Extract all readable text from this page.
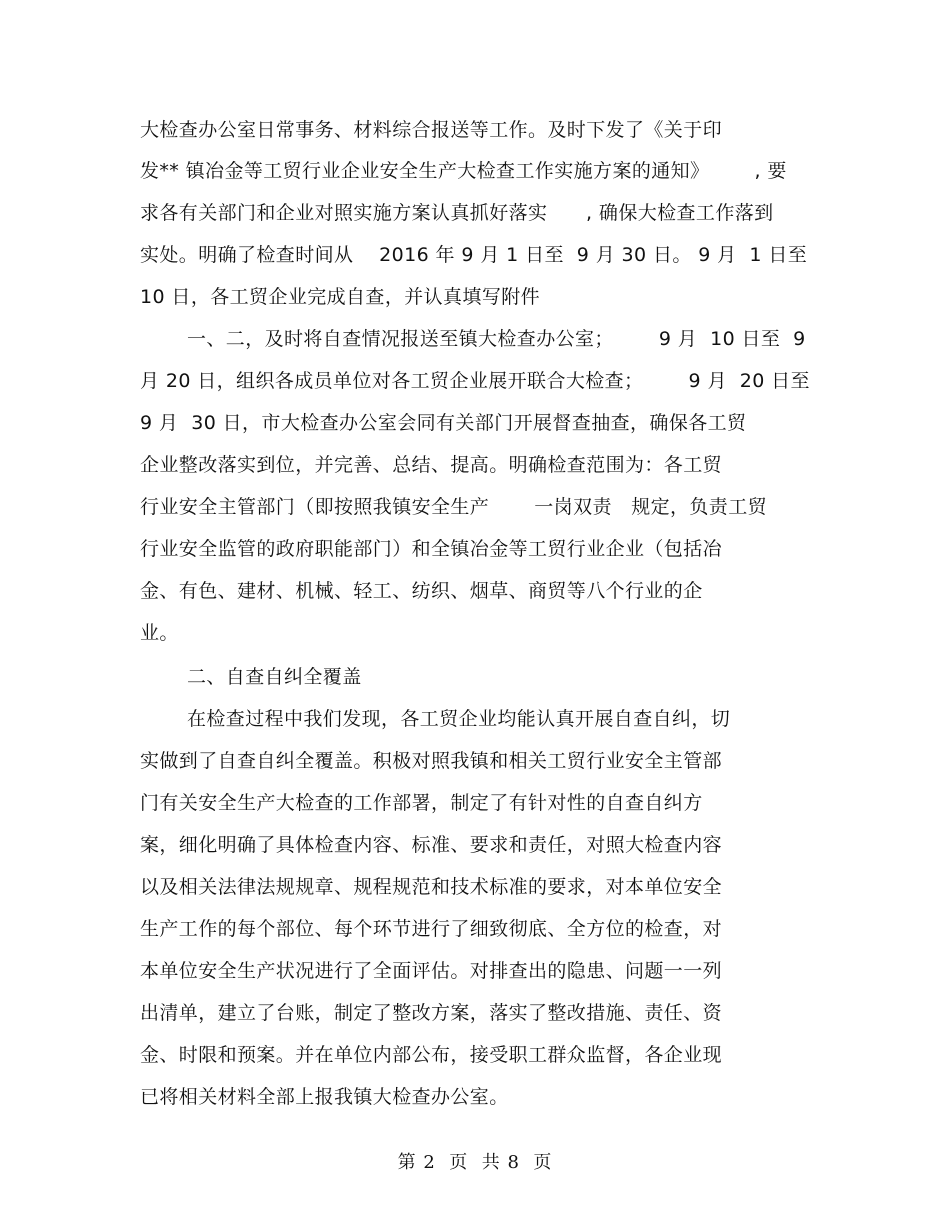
大检查办公室日常事务、材料综合报送等工作。及时下发了《关于印
发** 镇冶金等工贸行业企业安全生产大检查工作实施方案的通知》       , 要
求各有关部门和企业对照实施方案认真抓好落实      , 确保大检查工作落到
实处。明确了检查时间从    2016 年 9 月 1 日至  9 月 30 日。 9 月  1 日至
10 日，各工贸企业完成自查，并认真填写附件
一、二，及时将自查情况报送至镇大检查办公室；       9 月  10 日至  9
月 20 日，组织各成员单位对各工贸企业展开联合大检查；       9 月  20 日至
9 月  30 日，市大检查办公室会同有关部门开展督查抽查，确保各工贸
企业整改落实到位，并完善、总结、提高。明确检查范围为：各工贸
行业安全主管部门（即按照我镇安全生产       一岗双责   规定，负责工贸
行业安全监管的政府职能部门）和全镇冶金等工贸行业企业（包括冶
金、有色、建材、机械、轻工、纺织、烟草、商贸等八个行业的企
业。
二、自查自纠全覆盖
在检查过程中我们发现，各工贸企业均能认真开展自查自纠，切
实做到了自查自纠全覆盖。积极对照我镇和相关工贸行业安全主管部
门有关安全生产大检查的工作部署，制定了有针对性的自查自纠方
案，细化明确了具体检查内容、标准、要求和责任，对照大检查内容
以及相关法律法规规章、规程规范和技术标准的要求，对本单位安全
生产工作的每个部位、每个环节进行了细致彻底、全方位的检查，对
本单位安全生产状况进行了全面评估。对排查出的隐患、问题一一列
出清单，建立了台账，制定了整改方案，落实了整改措施、责任、资
金、时限和预案。并在单位内部公布，接受职工群众监督，各企业现
已将相关材料全部上报我镇大检查办公室。
第 2  页  共 8  页
